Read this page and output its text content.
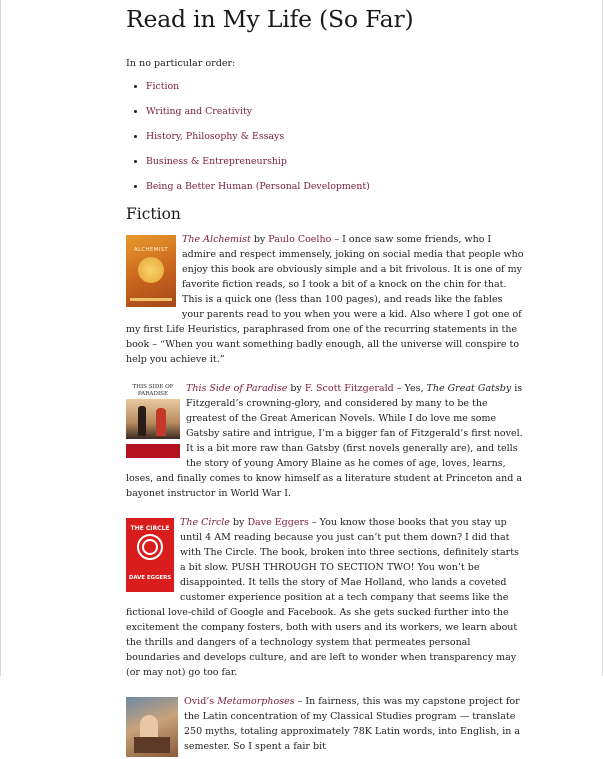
Read in My Life (So Far)

In no particular order:

• Fiction
• Writing and Creativity
• History, Philosophy & Essays
• Business & Entrepreneurship
• Being a Better Human (Personal Development)
Fiction
ALCHEMIST
The Alchemist by Paulo Coelho – I once saw some friends, who I admire and respect immensely, joking on social media that people who enjoy this book are obviously simple and a bit frivolous. It is one of my favorite fiction reads, so I took a bit of a knock on the chin for that. This is a quick one (less than 100 pages), and reads like the fables your parents read to you when you were a kid. Also where I got one of my first Life Heuristics, paraphrased from one of the recurring statements in the book – “When you want something badly enough, all the universe will conspire to help you achieve it.”
THIS SIDE OF PARADISE	This Side of Paradise by F. Scott Fitzgerald – Yes, The Great Gatsby is Fitzgerald’s crowning-glory, and considered by many to be the greatest of the Great American Novels. While I do love me some Gatsby satire and intrigue, I’m a bigger fan of Fitzgerald’s first novel. It is a bit more raw than Gatsby (first novels generally are), and tells the story of young Amory Blaine as he comes of age, loves, learns, loses, and finally comes to know himself as a literature student at Princeton and a bayonet instructor in World War I.
THE CIRCLE
DAVE EGGERS
The Circle by Dave Eggers – You know those books that you stay up until 4 AM reading because you just can’t put them down? I did that with The Circle. The book, broken into three sections, definitely starts a bit slow. PUSH THROUGH TO SECTION TWO! You won’t be disappointed. It tells the story of Mae Holland, who lands a coveted customer experience position at a tech company that seems like the fictional love-child of Google and Facebook. As she gets sucked further into the excitement the company fosters, both with users and its workers, we learn about the thrills and dangers of a technology system that permeates personal boundaries and develops culture, and are left to wonder when transparency may (or may not) go too far.
Ovid’s Metamorphoses – In fairness, this was my capstone project for the Latin concentration of my Classical Studies program — translate 250 myths, totaling approximately 78K Latin words, into English, in a semester. So I spent a fair bit
